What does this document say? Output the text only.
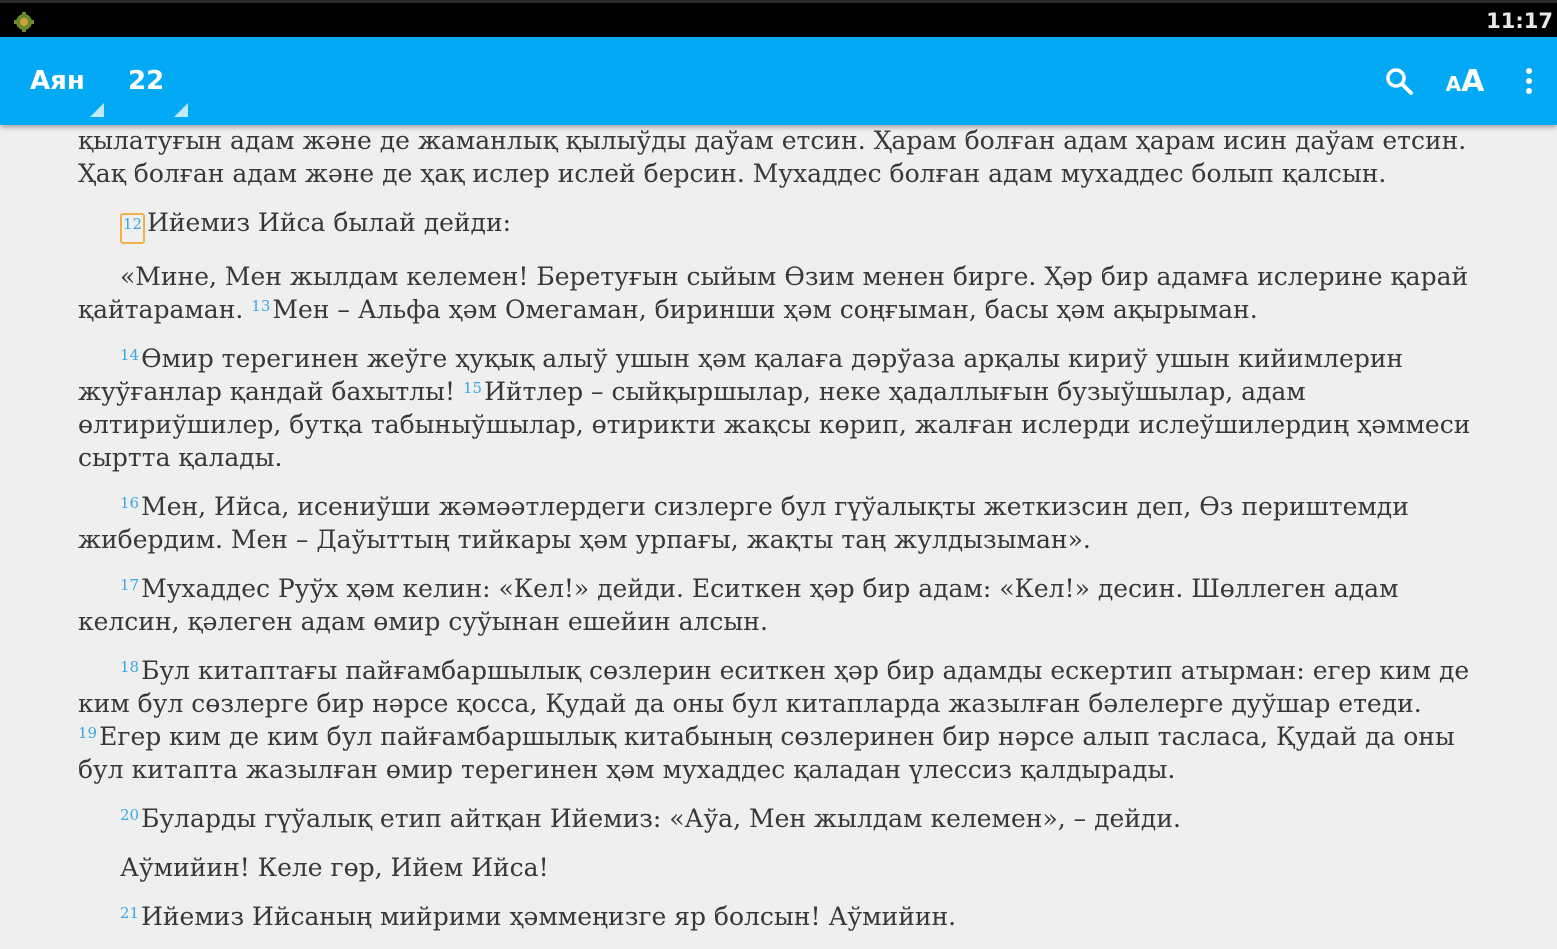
11:17
Аян 22	AA

қылатуғын адам және де жаманлық қылыўды даўам етсин. Ҳарам болған адам ҳарам исин даўам етсин. Ҳақ болған адам және де ҳақ ислер ислей берсин. Мухаддес болған адам мухаддес болып қалсын.

12 Ийемиз Ийса былай дейди:

«Мине, Мен жылдам келемен! Беретуғын сыйым Өзим менен бирге. Ҳәр бир адамға ислерине қарай қайтараман. $^{13}$Мен – Альфа ҳәм Омегаман, биринши ҳәм соңғыман, басы ҳәм ақырыман.

$^{14}$Өмир терегинен жеўге ҳуқық алыў ушын ҳәм қалаға дәрўаза арқалы кириў ушын кийимлерин жуўғанлар қандай бахытлы! $^{15}$Ийтлер – сыйқыршылар, неке ҳадаллығын бузыўшылар, адам өлтириўшилер, бутқа табыныўшылар, өтирикти жақсы көрип, жалған ислерди ислеўшилердиң ҳәммеси сыртта қалады.

$^{16}$Мен, Ийса, исениўши жәмәәтлердеги сизлерге бул гүўалықты жеткизсин деп, Өз периштемди жибердим. Мен – Даўыттың тийкары ҳәм урпағы, жақты таң жулдызыман».

$^{17}$Мухаддес Руўх ҳәм келин: «Кел!» дейди. Еситкен ҳәр бир адам: «Кел!» десин. Шөллеген адам келсин, қәлеген адам өмир суўынан ешейин алсын.

$^{18}$Бул китаптағы пайғамбаршылық сөзлерин еситкен ҳәр бир адамды ескертип атырман: егер ким де ким бул сөзлерге бир нәрсе қосса, Қудай да оны бул китапларда жазылған бәлелерге дуўшар етеди. $^{19}$Егер ким де ким бул пайғамбаршылық китабының сөзлеринен бир нәрсе алып тасласа, Қудай да оны бул китапта жазылған өмир терегинен ҳәм мухаддес қаладан үлессиз қалдырады.

$^{20}$Буларды гүўалық етип айтқан Ийемиз: «Аўа, Мен жылдам келемен», – дейди.

Аўмийин! Келе гөр, Ийем Ийса!

$^{21}$Ийемиз Ийсаның мийрими ҳәммеңизге яр болсын! Аўмийин.
